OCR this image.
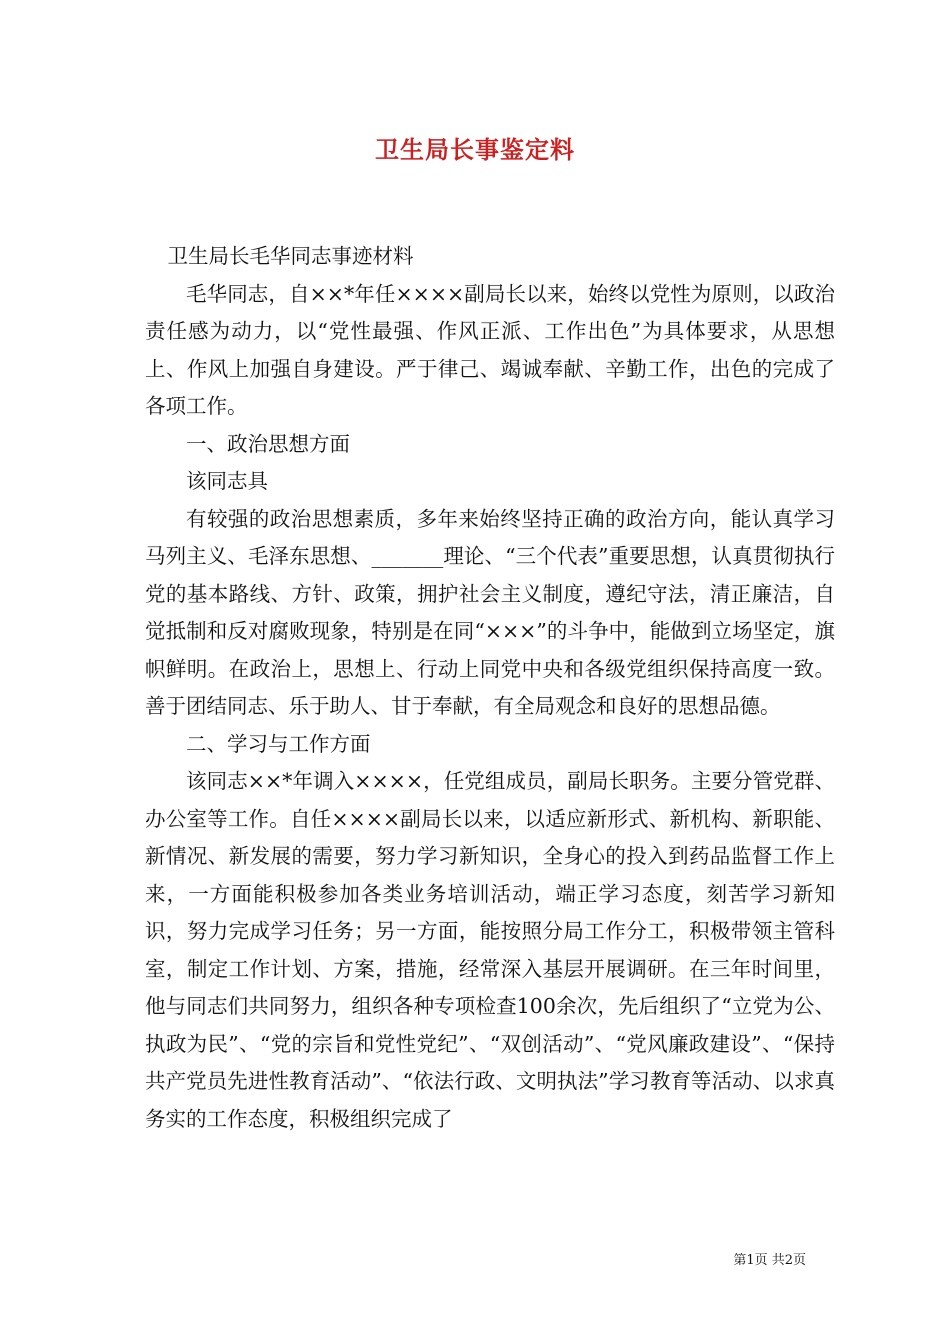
卫生局长事鉴定料

卫生局长毛华同志事迹材料

毛华同志，自××*年任××××副局长以来，始终以党性为原则，以政治责任感为动力，以“党性最强、作风正派、工作出色”为具体要求，从思想上、作风上加强自身建设。严于律己、竭诚奉献、辛勤工作，出色的完成了各项工作。

一、政治思想方面

该同志具

有较强的政治思想素质，多年来始终坚持正确的政治方向，能认真学习马列主义、毛泽东思想、_______理论、“三个代表”重要思想，认真贯彻执行党的基本路线、方针、政策，拥护社会主义制度，遵纪守法，清正廉洁，自觉抵制和反对腐败现象，特别是在同“×××”的斗争中，能做到立场坚定，旗帜鲜明。在政治上，思想上、行动上同党中央和各级党组织保持高度一致。善于团结同志、乐于助人、甘于奉献，有全局观念和良好的思想品德。

二、学习与工作方面

该同志××*年调入××××，任党组成员，副局长职务。主要分管党群、办公室等工作。自任××××副局长以来，以适应新形式、新机构、新职能、新情况、新发展的需要，努力学习新知识，全身心的投入到药品监督工作上来，一方面能积极参加各类业务培训活动，端正学习态度，刻苦学习新知识，努力完成学习任务；另一方面，能按照分局工作分工，积极带领主管科室，制定工作计划、方案，措施，经常深入基层开展调研。在三年时间里，他与同志们共同努力，组织各种专项检查100余次，先后组织了“立党为公、执政为民”、“党的宗旨和党性党纪”、“双创活动”、“党风廉政建设”、“保持共产党员先进性教育活动”、“依法行政、文明执法”学习教育等活动、以求真务实的工作态度，积极组织完成了

第1页 共2页
